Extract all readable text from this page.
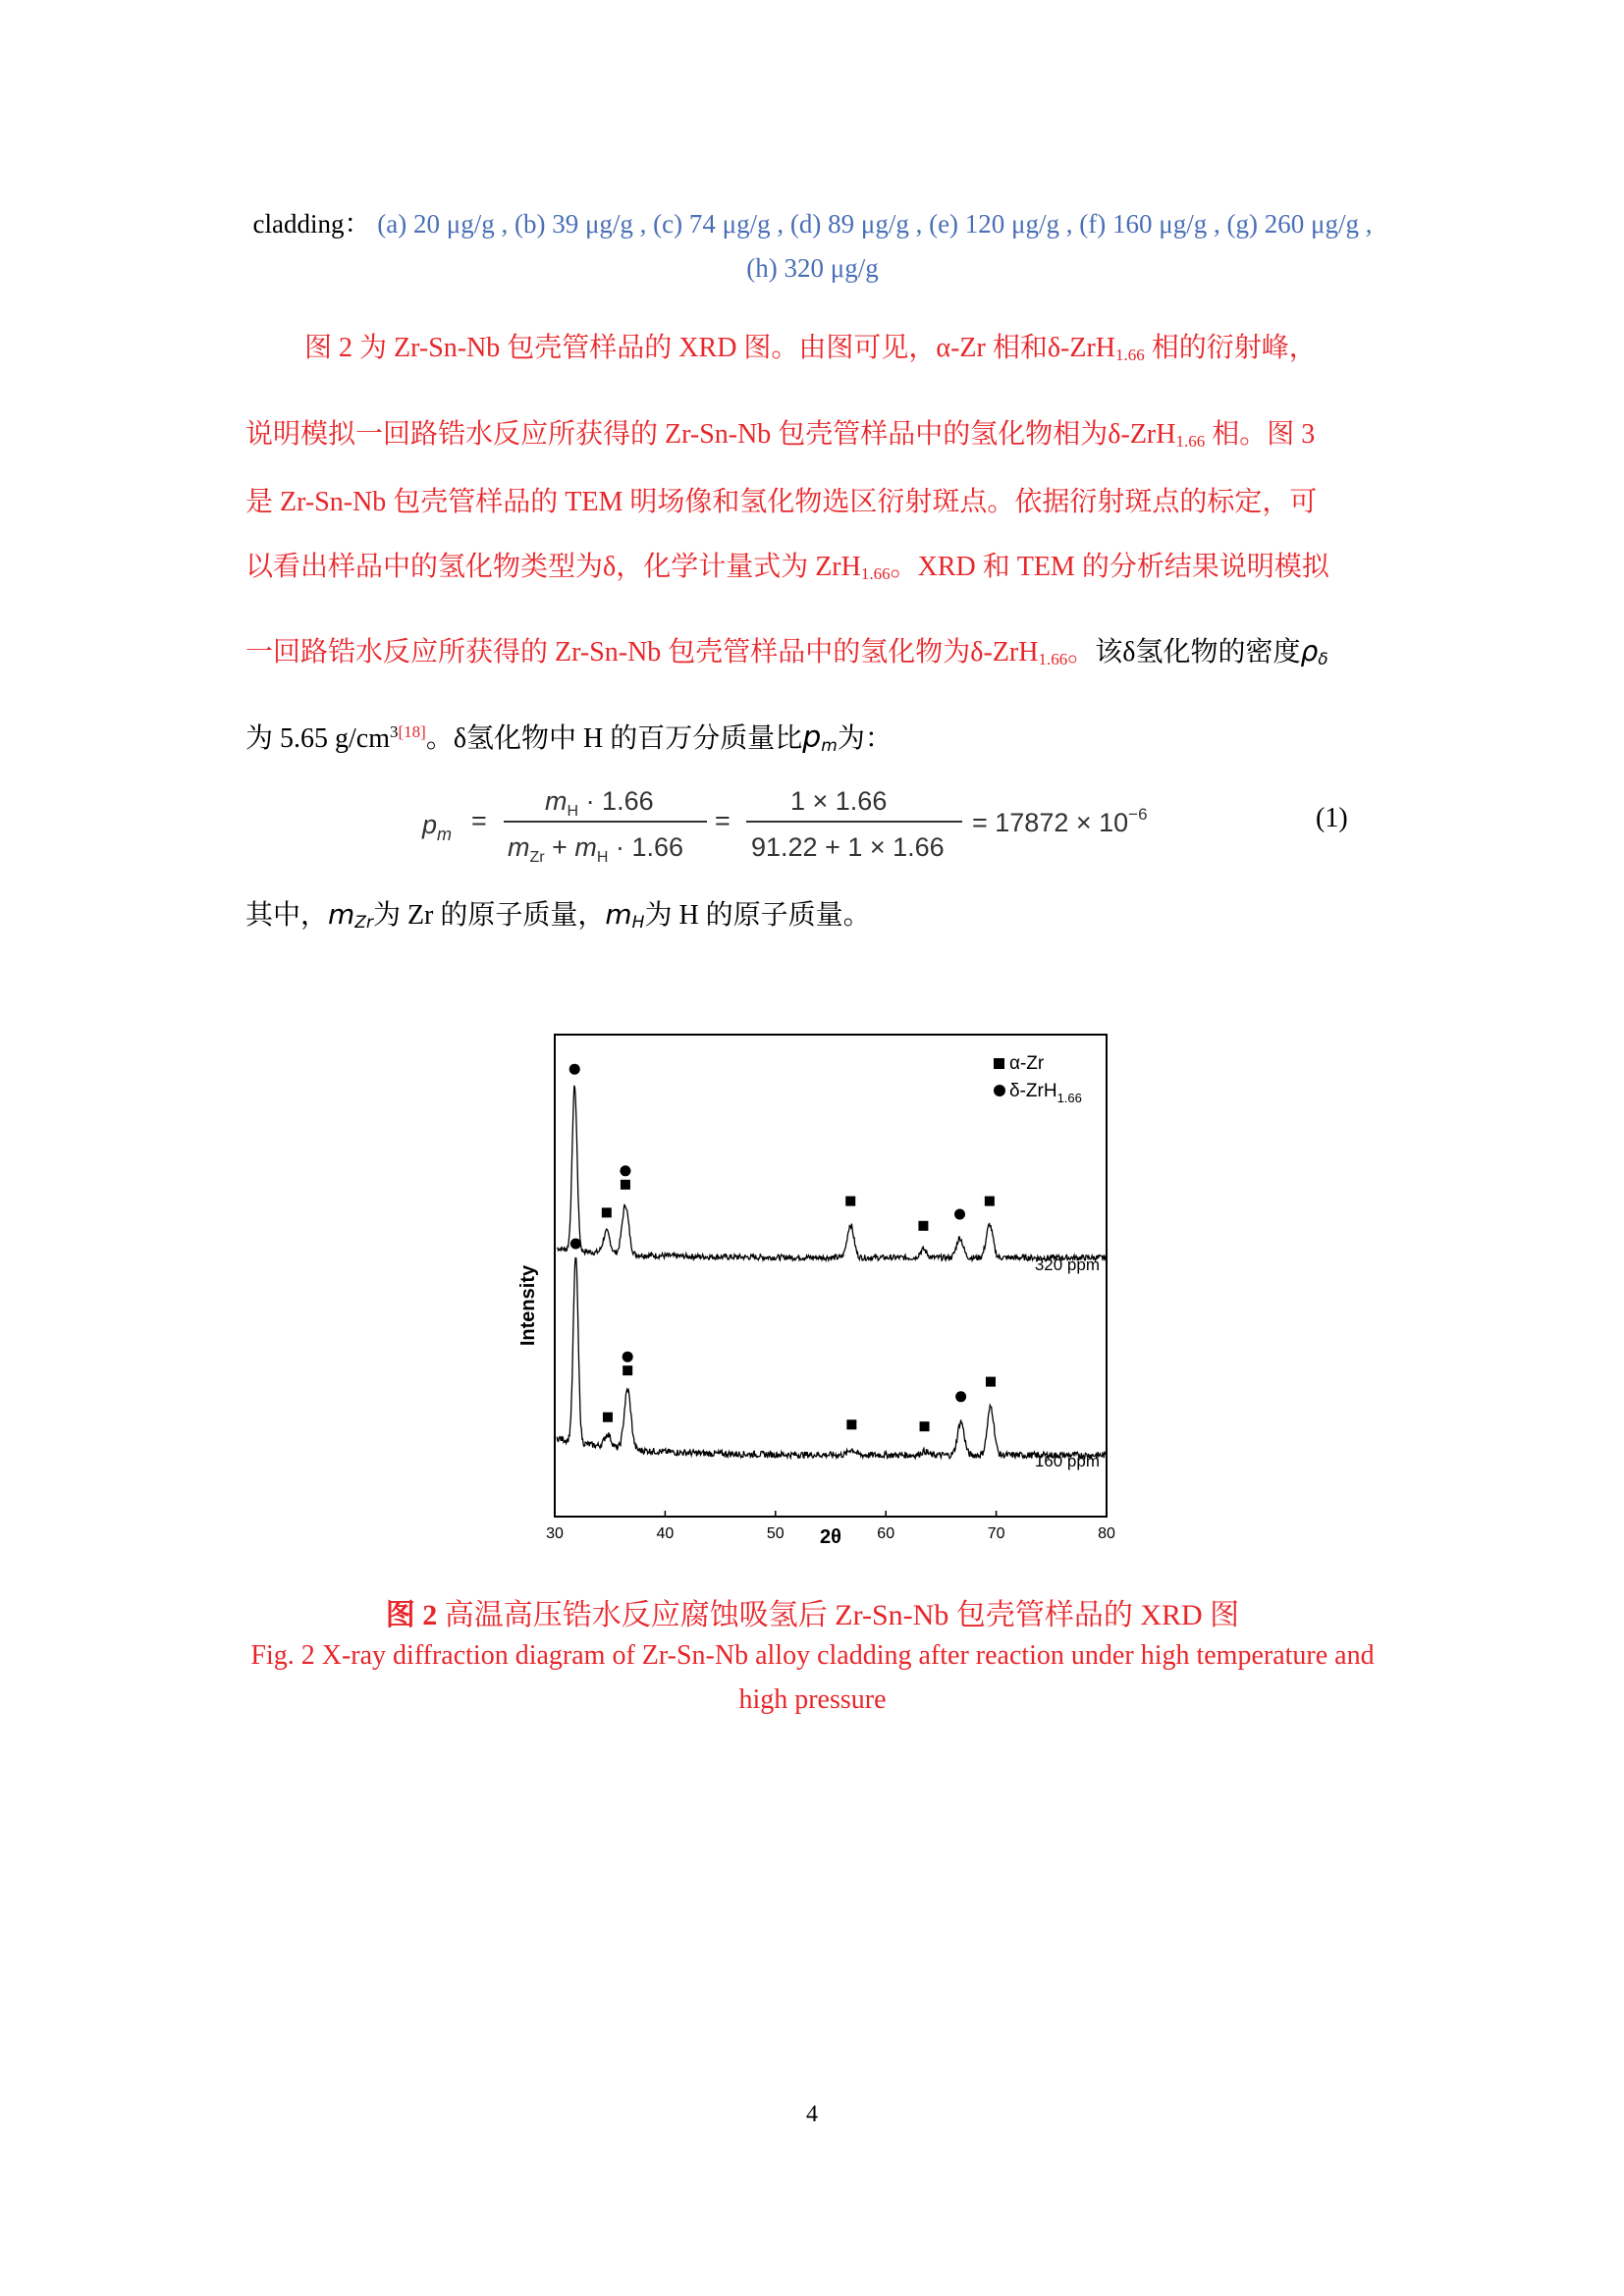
cladding： (a) 20 μg/g , (b) 39 μg/g , (c) 74 μg/g , (d) 89 μg/g , (e) 120 μg/g , (f) 160 μg/g , (g) 260 μg/g , (h) 320 μg/g
图 2 为 Zr-Sn-Nb 包壳管样品的 XRD 图。由图可见，α-Zr 相和δ-ZrH$_{1.66}$ 相的衍射峰，
说明模拟一回路锆水反应所获得的 Zr-Sn-Nb 包壳管样品中的氢化物相为δ-ZrH$_{1.66}$ 相。图 3
是 Zr-Sn-Nb 包壳管样品的 TEM 明场像和氢化物选区衍射斑点。依据衍射斑点的标定，可
以看出样品中的氢化物类型为δ，化学计量式为 ZrH$_{1.66}$。XRD 和 TEM 的分析结果说明模拟
一回路锆水反应所获得的 Zr-Sn-Nb 包壳管样品中的氢化物为δ-ZrH$_{1.66}$。该δ氢化物的密度$\rho_\delta$
为 5.65 g/cm$^{3[18]}$。δ氢化物中 H 的百万分质量比$p_m$为：
$p_m$ =
$m_H \cdot 1.66$
$m_{Zr} + m_H \cdot 1.66$
=
1 × 1.66
91.22 + 1 × 1.66
= $17872 \times 10^{-6}$	(1)
其中，$m_{Zr}$为 Zr 的原子质量，$m_H$为 H 的原子质量。
30	40	50	60	70	80
Intensity
2θ
α-Zr
δ-ZrH$_{1.66}$
320 ppm
160 ppm
图 2 高温高压锆水反应腐蚀吸氢后 Zr-Sn-Nb 包壳管样品的 XRD 图
Fig. 2 X-ray diffraction diagram of Zr-Sn-Nb alloy cladding after reaction under high temperature and high pressure
4
